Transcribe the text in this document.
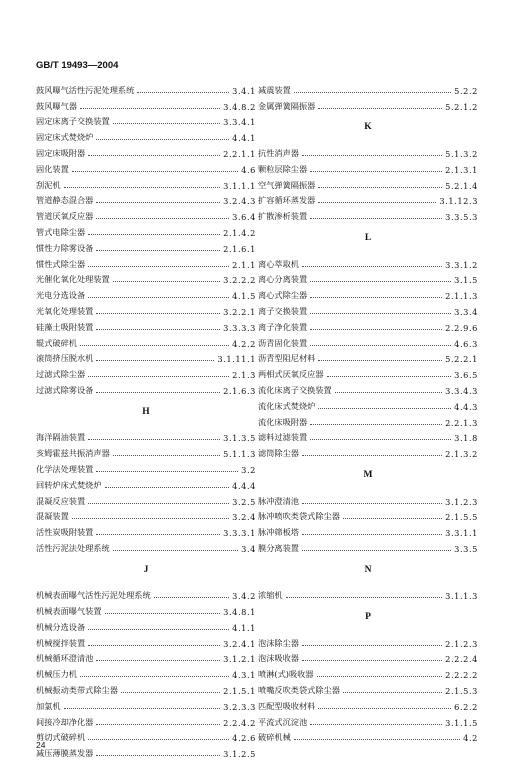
GB/T 19493—2004
鼓风曝气活性污泥处理系统	3.4.1
鼓风曝气器	3.4.8.2
固定床离子交换装置	3.3.4.1
固定床式焚烧炉	4.4.1
固定床吸附器	2.2.1.1
固化装置	4.6
刮泥机	3.1.1.1
管道静态混合器	3.2.4.3
管道厌氧反应器	3.6.4
管式电除尘器	2.1.4.2
惯性力除雾设备	2.1.6.1
惯性式除尘器	2.1.1
光催化氧化处理装置	3.2.2.2
光电分选设备	4.1.5
光氧化处理装置	3.2.2.1
硅藻土吸附装置	3.3.3.3
辊式破碎机	4.2.2
滚筒挤压脱水机	3.1.11.1
过滤式除尘器	2.1.3
过滤式除雾设备	2.1.6.3
H
海洋隔油装置	3.1.3.5
亥姆霍兹共振消声器	5.1.1.3
化学法处理装置	3.2
回转炉床式焚烧炉	4.4.4
混凝反应装置	3.2.5
混凝装置	3.2.4
活性炭吸附装置	3.3.3.1
活性污泥法处理系统	3.4
J
机械表面曝气活性污泥处理系统	3.4.2
机械表面曝气装置	3.4.8.1
机械分选设备	4.1.1
机械搅拌装置	3.2.4.1
机械循环澄清池	3.1.2.1
机械压力机	4.3.1
机械振动类带式除尘器	2.1.5.1
加氯机	3.2.3.3
间接冷却净化器	2.2.4.2
剪切式破碎机	4.2.6
减压薄膜蒸发器	3.1.2.5
减震装置	5.2.2
金属弹簧隔振器	5.2.1.2
K
抗性消声器	5.1.3.2
颗粒层除尘器	2.1.3.1
空气弹簧隔振器	5.2.1.4
扩容循环蒸发器	3.1.12.3
扩散渗析装置	3.3.5.3
L
离心萃取机	3.3.1.2
离心分离装置	3.1.5
离心式除尘器	2.1.1.3
离子交换装置	3.3.4
离子净化装置	2.2.9.6
沥青固化装置	4.6.3
沥青型阻尼材料	5.2.2.1
两相式厌氧反应器	3.6.5
流化床离子交换装置	3.3.4.3
流化床式焚烧炉	4.4.3
流化床吸附器	2.2.1.3
滤料过滤装置	3.1.8
滤筒除尘器	2.1.3.2
M
脉冲澄清池	3.1.2.3
脉冲喷吹类袋式除尘器	2.1.5.5
脉冲筛板塔	3.3.1.1
膜分离装置	3.3.5
N
浓缩机	3.1.1.3
P
泡沫除尘器	2.1.2.3
泡沫吸收器	2.2.2.4
喷淋(式)吸收器	2.2.2.2
喷嘴反吹类袋式除尘器	2.1.5.3
匹配型吸收材料	6.2.2
平流式沉淀池	3.1.1.5
破碎机械	4.2
24
